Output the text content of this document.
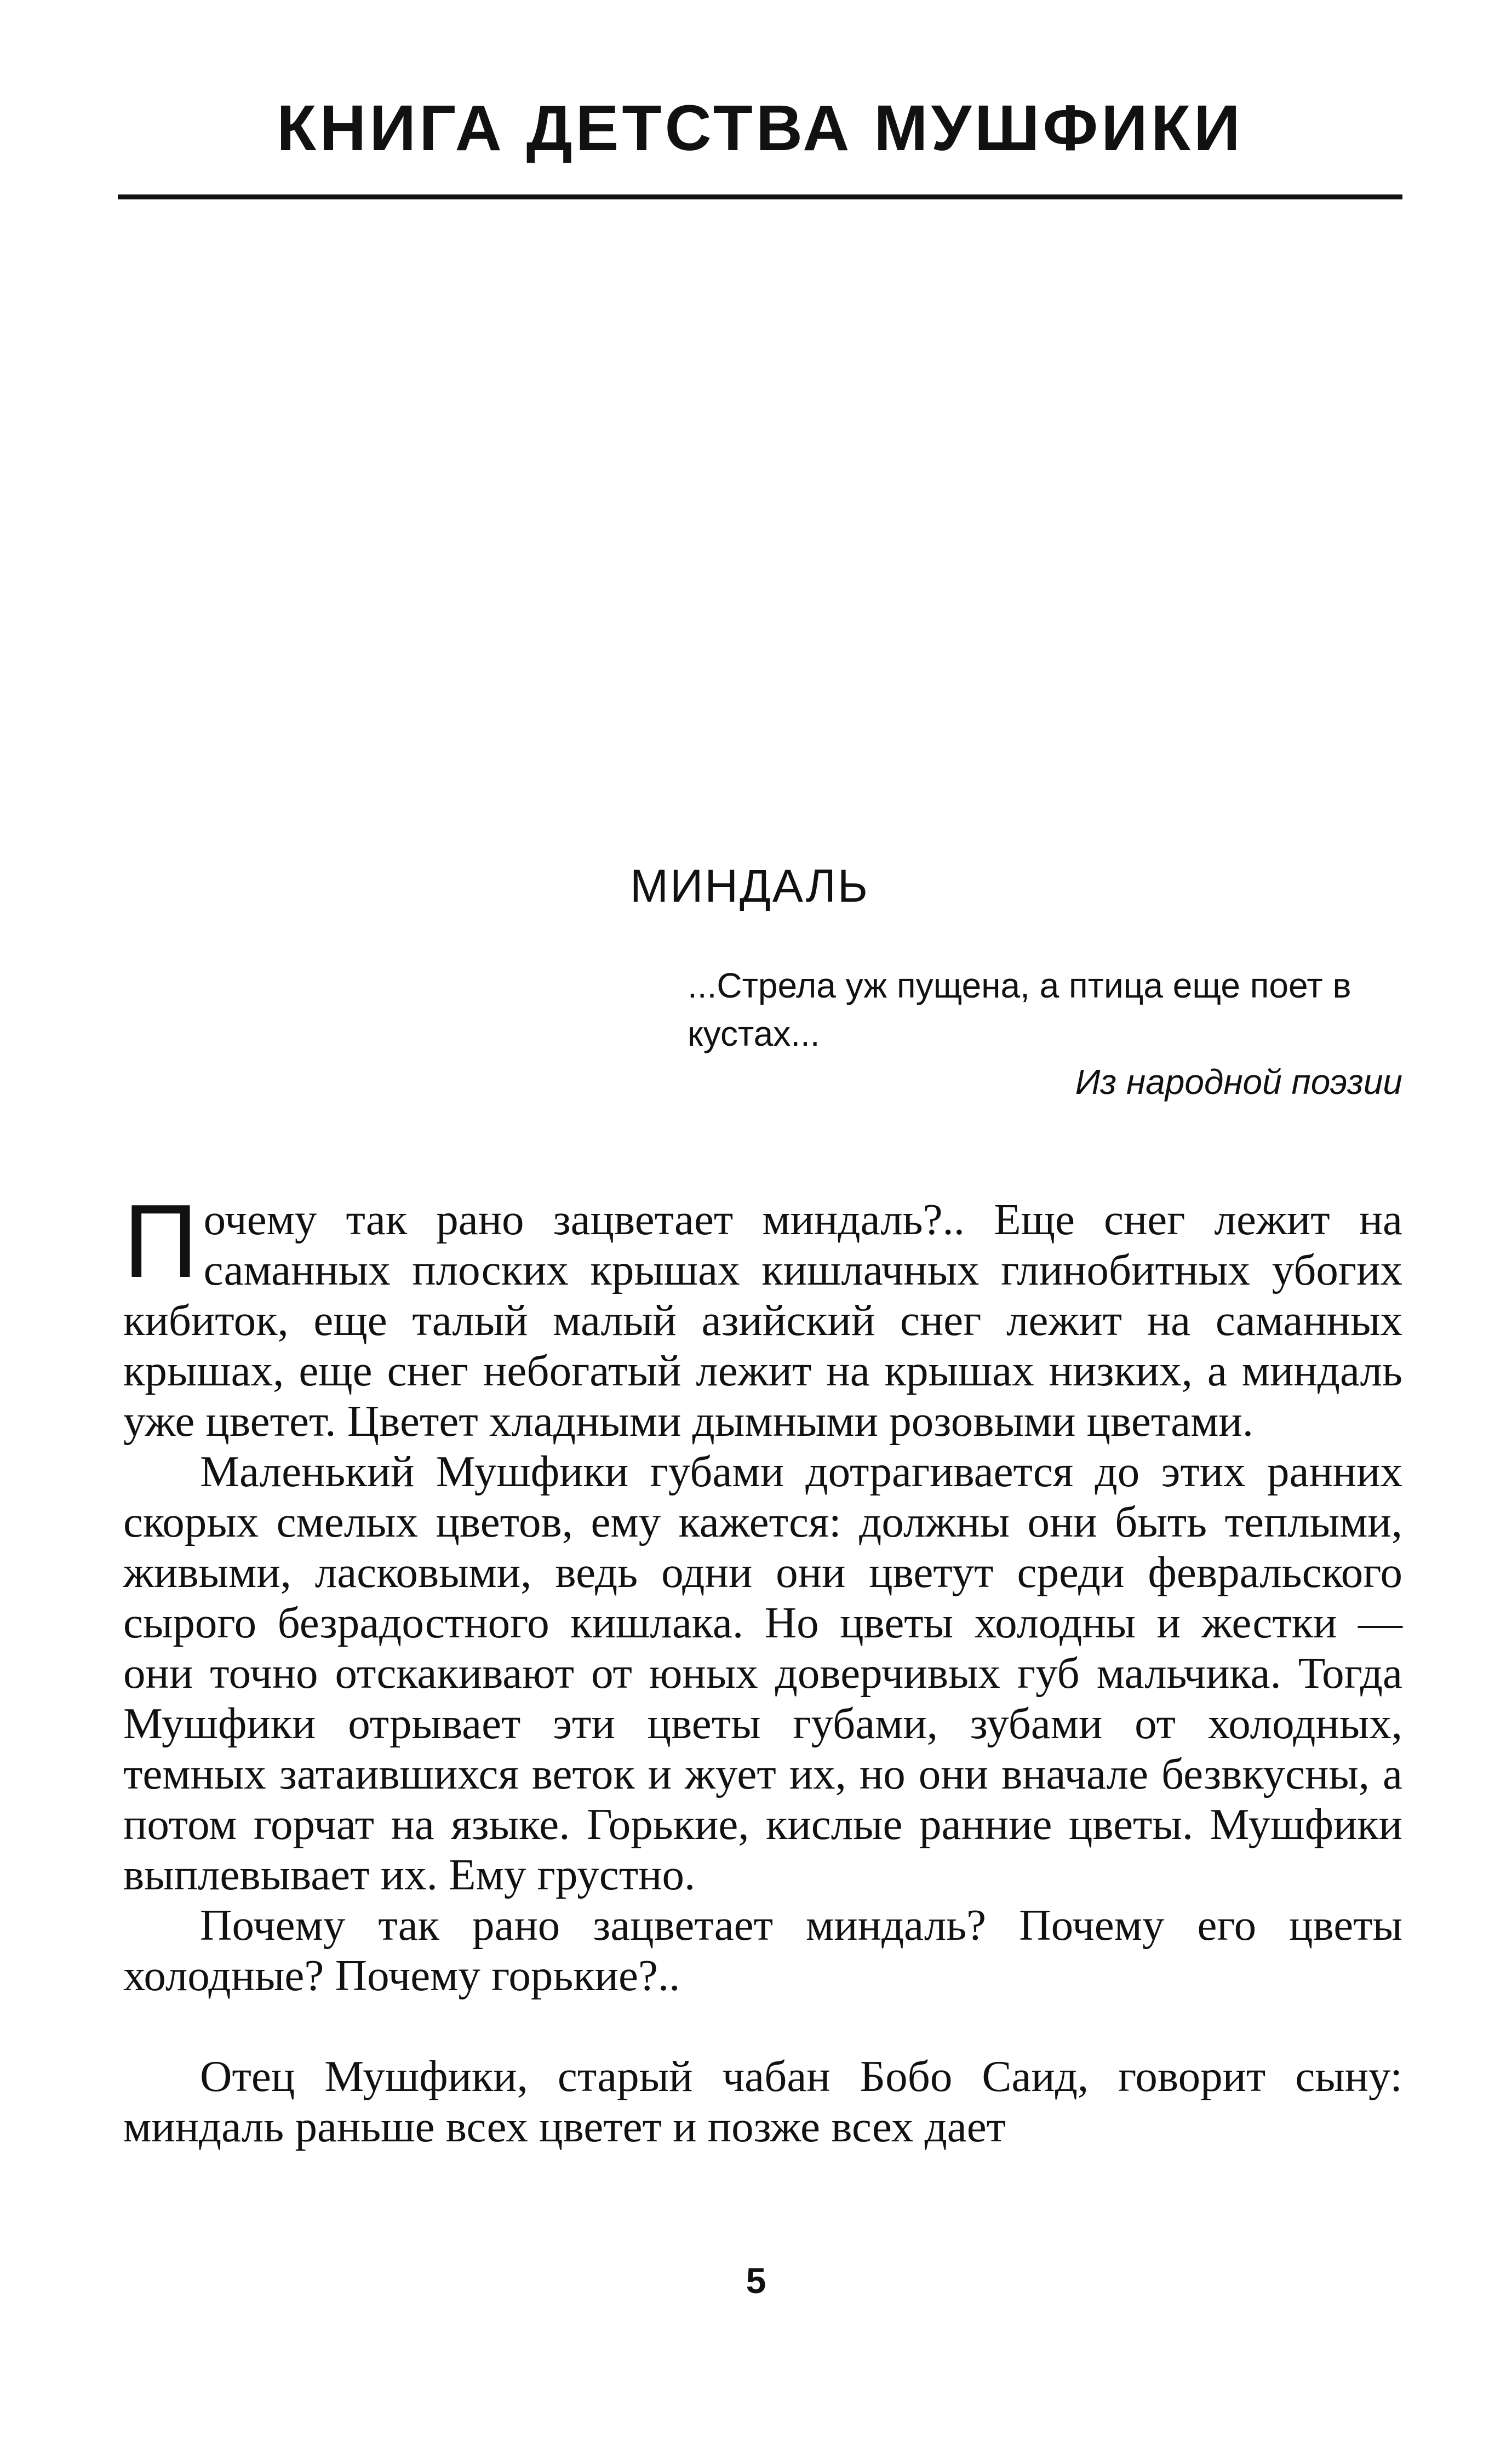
КНИГА ДЕТСТВА МУШФИКИ
МИНДАЛЬ

...Стрела уж пущена, а птица еще поет в кустах...

Из народной поэзии

Почему так рано зацветает миндаль?.. Еще снег лежит на саманных плоских крышах кишлачных глинобитных убогих кибиток, еще талый малый азийский снег лежит на саманных крышах, еще снег небогатый лежит на крышах низких, а миндаль уже цветет. Цветет хладными дымными розовыми цветами.

Маленький Мушфики губами дотрагивается до этих ранних скорых смелых цветов, ему кажется: должны они быть теплыми, живыми, ласковыми, ведь одни они цветут среди февральского сырого безрадостного кишлака. Но цветы холодны и жестки — они точно отскакивают от юных доверчивых губ мальчика. Тогда Мушфики отрывает эти цветы губами, зубами от холодных, темных затаившихся веток и жует их, но они вначале безвкусны, а потом горчат на языке. Горькие, кислые ранние цветы. Мушфики выплевывает их. Ему грустно.

Почему так рано зацветает миндаль? Почему его цветы холодные? Почему горькие?..

Отец Мушфики, старый чабан Бобо Саид, говорит сыну: миндаль раньше всех цветет и позже всех дает

5
